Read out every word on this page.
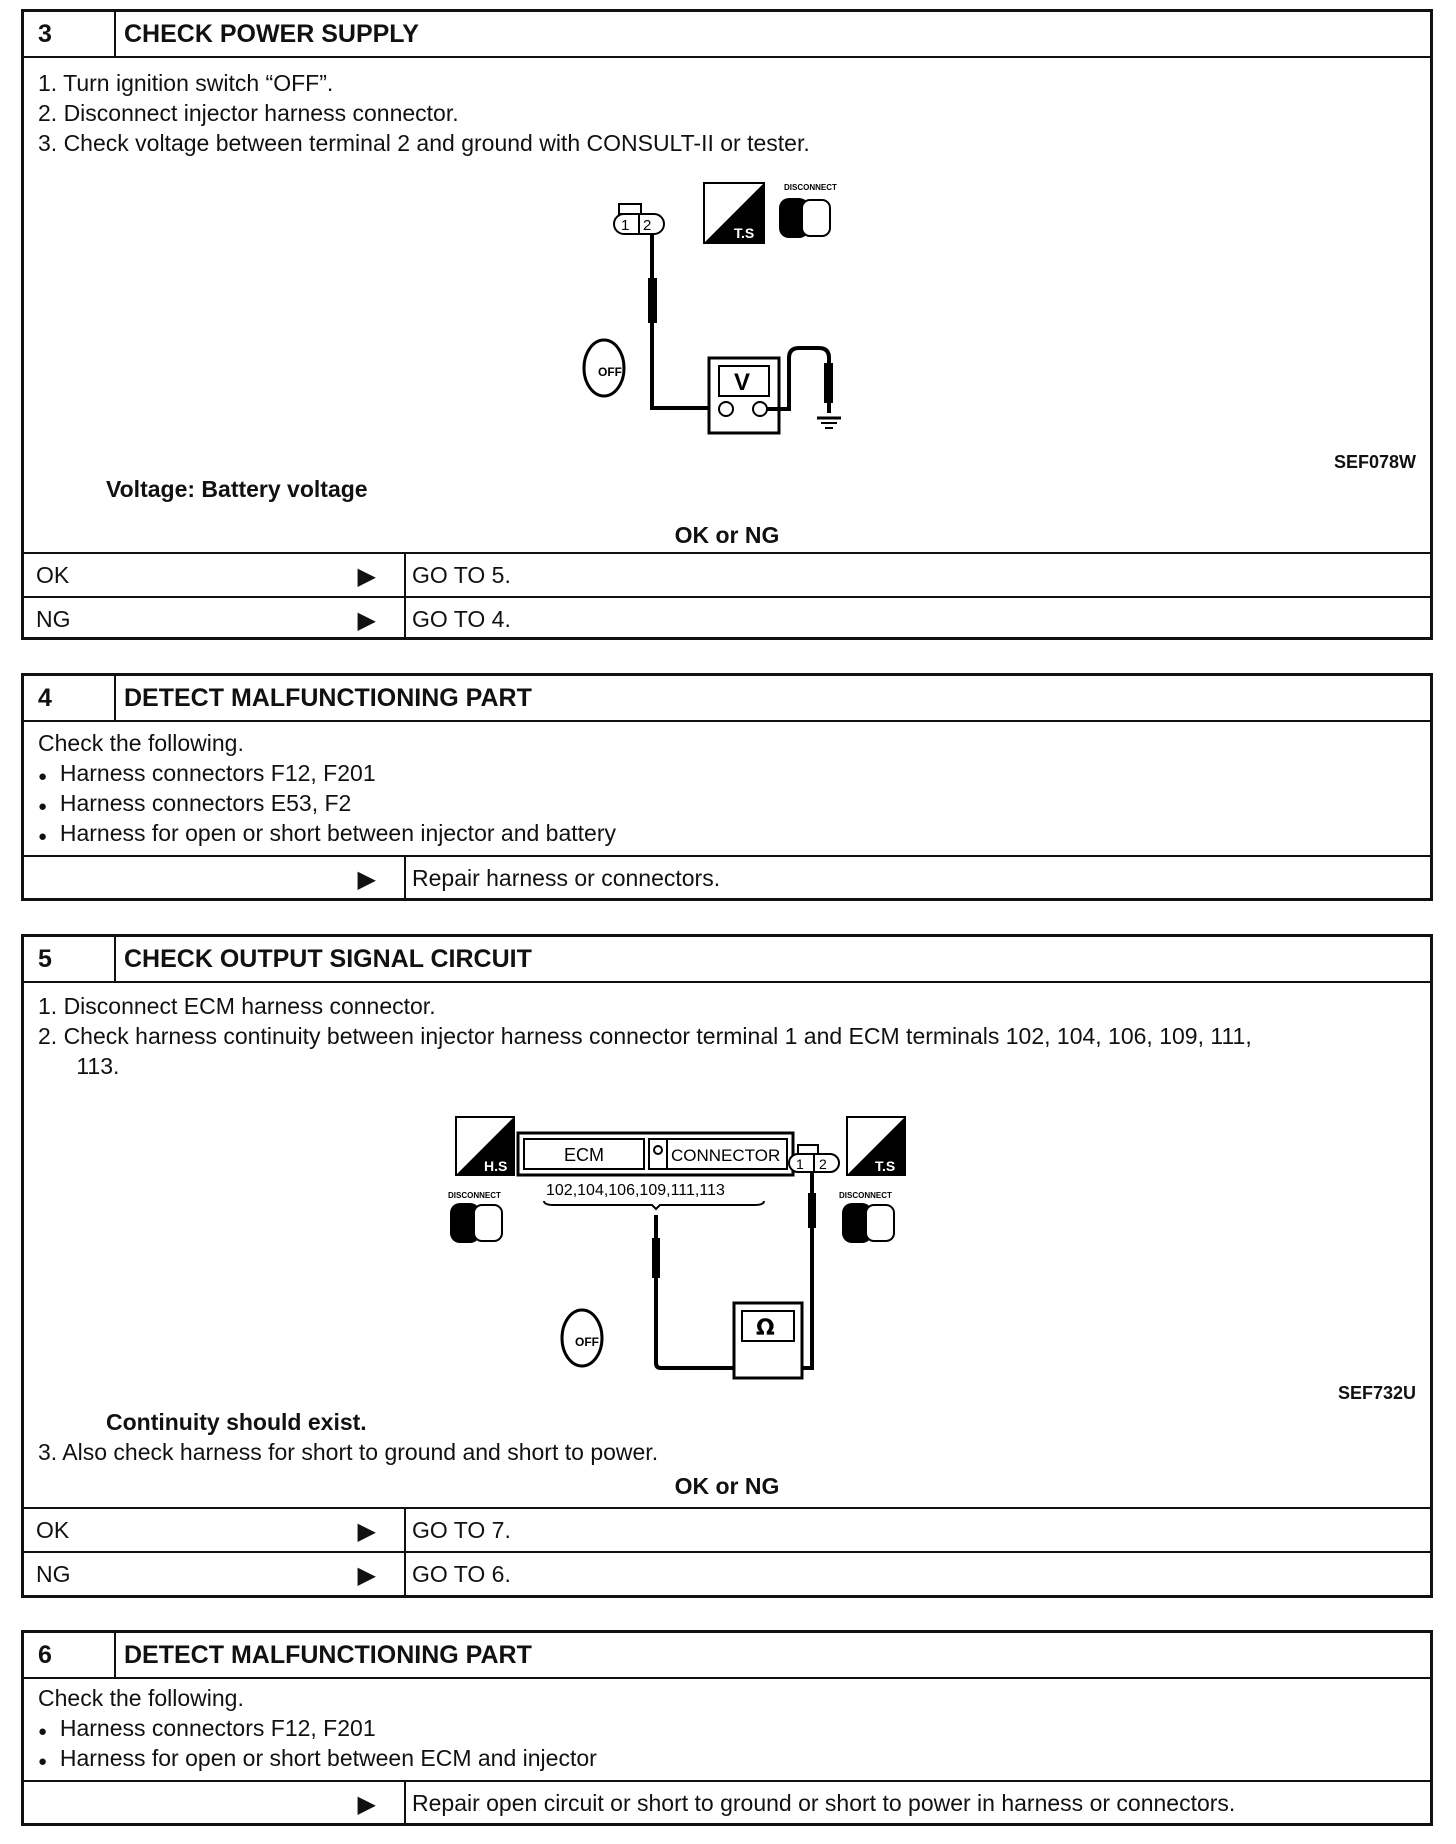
3	CHECK POWER SUPPLY
1. Turn ignition switch “OFF”.
2. Disconnect injector harness connector.
3. Check voltage between terminal 2 and ground with CONSULT-II or tester.
1 2	T.S
DISCONNECT
OFF	V
SEF078W
Voltage: Battery voltage
OK or NG
OK	▶ GO TO 5.
NG	▶ GO TO 4.
4	DETECT MALFUNCTIONING PART
Check the following.
● Harness connectors F12, F201
● Harness connectors E53, F2
● Harness for open or short between injector and battery
▶ Repair harness or connectors.
5	CHECK OUTPUT SIGNAL CIRCUIT
1. Disconnect ECM harness connector.
2. Check harness continuity between injector harness connector terminal 1 and ECM terminals 102, 104, 106, 109, 111,
113.
H.S
DISCONNECT
ECM	CONNECTOR
102,104,106,109,111,113
1 2	T.S
DISCONNECT
OFF
Ω
SEF732U
Continuity should exist.
3. Also check harness for short to ground and short to power.
OK or NG
OK	▶ GO TO 7.
NG	▶ GO TO 6.
6	DETECT MALFUNCTIONING PART
Check the following.
● Harness connectors F12, F201
● Harness for open or short between ECM and injector
▶ Repair open circuit or short to ground or short to power in harness or connectors.
